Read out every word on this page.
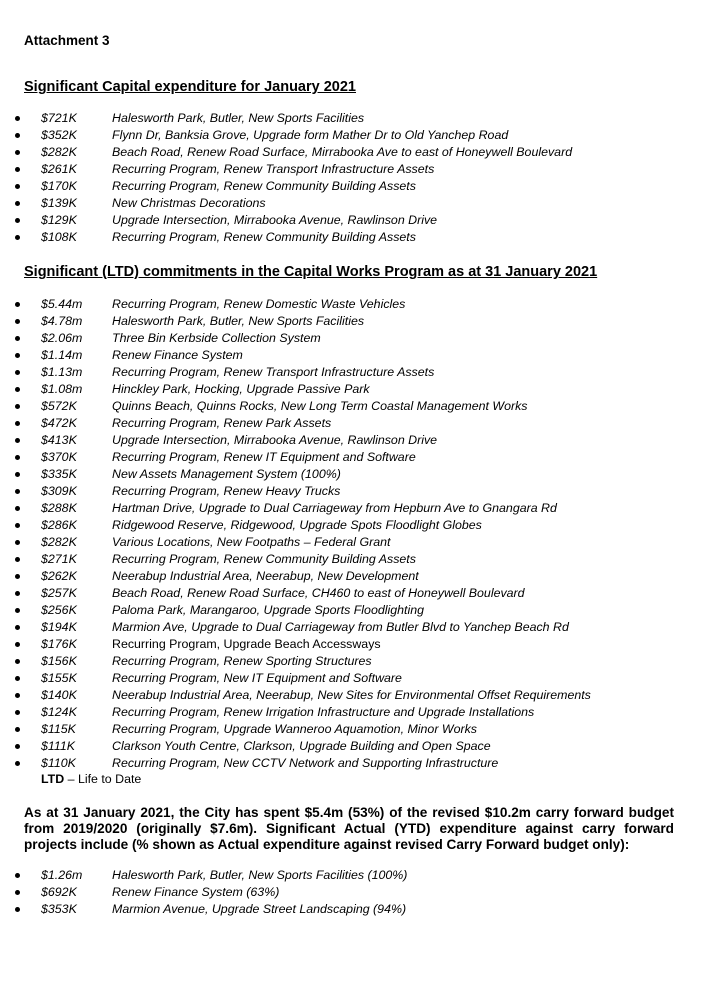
Attachment 3
Significant Capital expenditure for January 2021
$721K	Halesworth Park, Butler, New Sports Facilities
$352K	Flynn Dr, Banksia Grove, Upgrade form Mather Dr to Old Yanchep Road
$282K	Beach Road, Renew Road Surface, Mirrabooka Ave to east of Honeywell Boulevard
$261K	Recurring Program, Renew Transport Infrastructure Assets
$170K	Recurring Program, Renew Community Building Assets
$139K	New Christmas Decorations
$129K	Upgrade Intersection, Mirrabooka Avenue, Rawlinson Drive
$108K	Recurring Program, Renew Community Building Assets
Significant (LTD) commitments in the Capital Works Program as at 31 January 2021
$5.44m Recurring Program, Renew Domestic Waste Vehicles
$4.78m Halesworth Park, Butler, New Sports Facilities
$2.06m Three Bin Kerbside Collection System
$1.14m Renew Finance System
$1.13m Recurring Program, Renew Transport Infrastructure Assets
$1.08m Hinckley Park, Hocking, Upgrade Passive Park
$572K	Quinns Beach, Quinns Rocks, New Long Term Coastal Management Works
$472K	Recurring Program, Renew Park Assets
$413K	Upgrade Intersection, Mirrabooka Avenue, Rawlinson Drive
$370K	Recurring Program, Renew IT Equipment and Software
$335K	New Assets Management System (100%)
$309K	Recurring Program, Renew Heavy Trucks
$288K	Hartman Drive, Upgrade to Dual Carriageway from Hepburn Ave to Gnangara Rd
$286K	Ridgewood Reserve, Ridgewood, Upgrade Spots Floodlight Globes
$282K	Various Locations, New Footpaths – Federal Grant
$271K	Recurring Program, Renew Community Building Assets
$262K	Neerabup Industrial Area, Neerabup, New Development
$257K	Beach Road, Renew Road Surface, CH460 to east of Honeywell Boulevard
$256K	Paloma Park, Marangaroo, Upgrade Sports Floodlighting
$194K	Marmion Ave, Upgrade to Dual Carriageway from Butler Blvd to Yanchep Beach Rd
$176K	Recurring Program, Upgrade Beach Accessways
$156K	Recurring Program, Renew Sporting Structures
$155K	Recurring Program, New IT Equipment and Software
$140K	Neerabup Industrial Area, Neerabup, New Sites for Environmental Offset Requirements
$124K	Recurring Program, Renew Irrigation Infrastructure and Upgrade Installations
$115K	Recurring Program, Upgrade Wanneroo Aquamotion, Minor Works
$111K	Clarkson Youth Centre, Clarkson, Upgrade Building and Open Space
$110K	Recurring Program, New CCTV Network and Supporting Infrastructure
LTD – Life to Date
As at 31 January 2021, the City has spent $5.4m (53%) of the revised $10.2m carry forward budget from 2019/2020 (originally $7.6m). Significant Actual (YTD) expenditure against carry forward projects include (% shown as Actual expenditure against revised Carry Forward budget only):
$1.26m Halesworth Park, Butler, New Sports Facilities (100%)
$692K	Renew Finance System (63%)
$353K	Marmion Avenue, Upgrade Street Landscaping (94%)
